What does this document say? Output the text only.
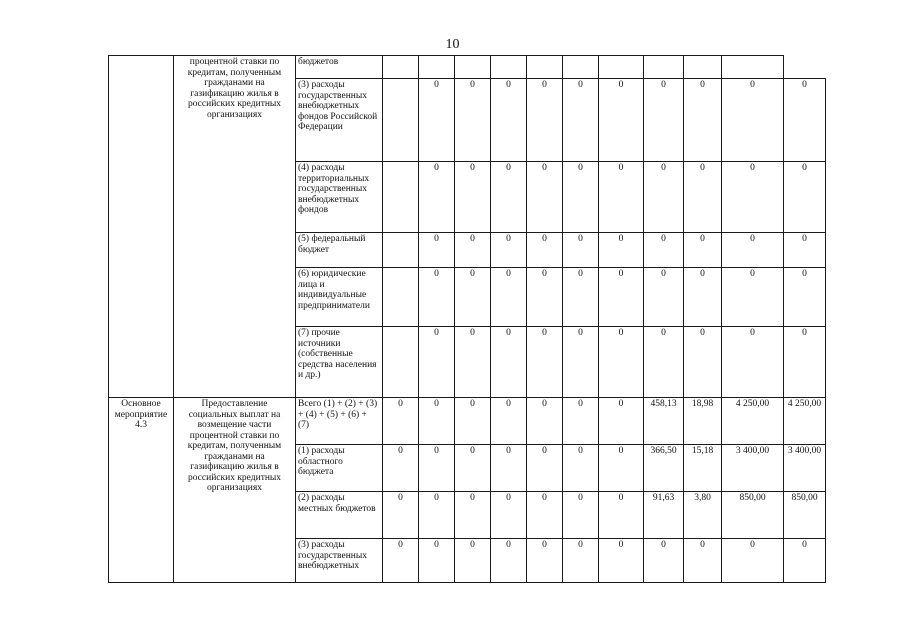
10
	процентной ставки по кредитам, полученным гражданами на газификацию жилья в российских кредитных организациях	бюджетов											
		(3) расходы государственных внебюджетных фондов Российской Федерации		0	0	0	0	0	0	0	0	0	0
		(4) расходы территориальных государственных внебюджетных фондов		0	0	0	0	0	0	0	0	0	0
		(5) федеральный бюджет		0	0	0	0	0	0	0	0	0	0
		(6) юридические лица и индивидуальные предприниматели		0	0	0	0	0	0	0	0	0	0
		(7) прочие источники (собственные средства населения и др.)		0	0	0	0	0	0	0	0	0	0
Основное мероприятие 4.3	Предоставление социальных выплат на возмещение части процентной ставки по кредитам, полученным гражданами на газификацию жилья в российских кредитных организациях	Всего (1) + (2) + (3) + (4) + (5) + (6) + (7)	0	0	0	0	0	0	0	458,13	18,98	4 250,00	4 250,00
		(1) расходы областного бюджета	0	0	0	0	0	0	0	366,50	15,18	3 400,00	3 400,00
		(2) расходы местных бюджетов	0	0	0	0	0	0	0	91,63	3,80	850,00	850,00
		(3) расходы государственных внебюджетных	0	0	0	0	0	0	0	0	0	0	0
